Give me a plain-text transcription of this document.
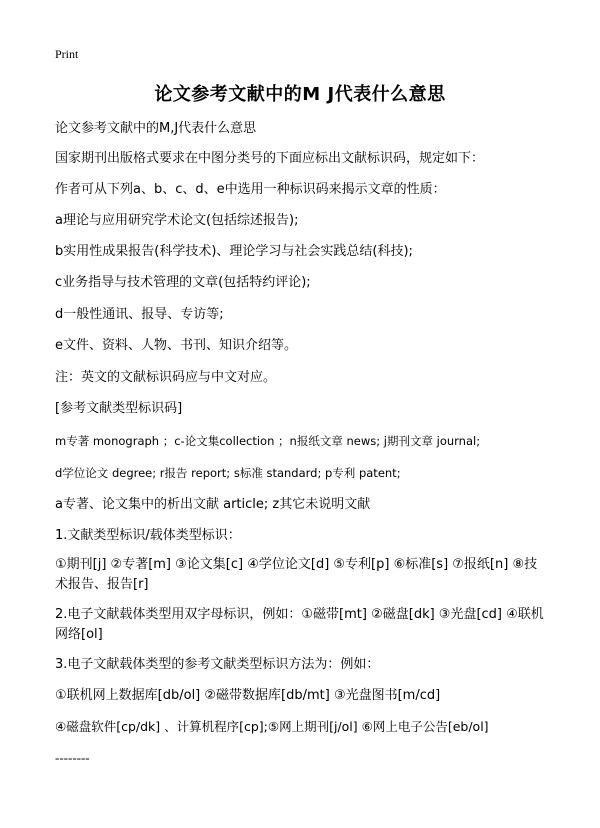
Print
论文参考文献中的M J代表什么意思
论文参考文献中的M,J代表什么意思
国家期刊出版格式要求在中图分类号的下面应标出文献标识码，规定如下：
作者可从下列a、b、c、d、e中选用一种标识码来揭示文章的性质：
a理论与应用研究学术论文(包括综述报告);
b实用性成果报告(科学技术)、理论学习与社会实践总结(科技);
c业务指导与技术管理的文章(包括特约评论);
d一般性通讯、报导、专访等;
e文件、资料、人物、书刊、知识介绍等。
注：英文的文献标识码应与中文对应。
[参考文献类型标识码]
m专著 monograph ；c-论文集collection ；n报纸文章 news; j期刊文章 journal;
d学位论文 degree; r报告 report; s标准 standard; p专利 patent;
a专著、论文集中的析出文献 article; z其它未说明文献
1.文献类型标识/载体类型标识：
①期刊[j] ②专著[m] ③论文集[c] ④学位论文[d] ⑤专利[p] ⑥标准[s] ⑦报纸[n] ⑧技术报告、报告[r]
2.电子文献载体类型用双字母标识，例如：①磁带[mt] ②磁盘[dk] ③光盘[cd] ④联机网络[ol]
3.电子文献载体类型的参考文献类型标识方法为：例如：
①联机网上数据库[db/ol] ②磁带数据库[db/mt] ③光盘图书[m/cd]
④磁盘软件[cp/dk] 、计算机程序[cp];⑤网上期刊[j/ol] ⑥网上电子公告[eb/ol]
--------
